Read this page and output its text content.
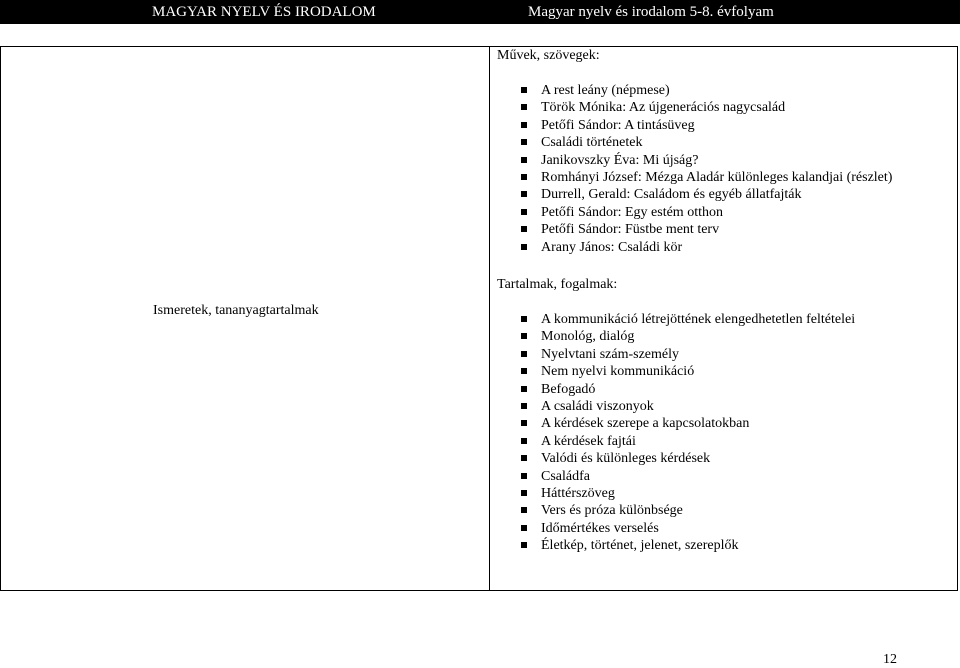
MAGYAR NYELV ÉS IRODALOM	Magyar nyelv és irodalom 5-8. évfolyam
Ismeretek, tananyagtartalmak

Művek, szövegek:

A rest leány (népmese)
Török Mónika: Az újgenerációs nagycsalád
Petőfi Sándor: A tintásüveg
Családi történetek
Janikovszky Éva: Mi újság?
Romhányi József: Mézga Aladár különleges kalandjai (részlet)
Durrell, Gerald: Családom és egyéb állatfajták
Petőfi Sándor: Egy estém otthon
Petőfi Sándor: Füstbe ment terv
Arany János: Családi kör

Tartalmak, fogalmak:

A kommunikáció létrejöttének elengedhetetlen feltételei
Monológ, dialóg
Nyelvtani szám-személy
Nem nyelvi kommunikáció
Befogadó
A családi viszonyok
A kérdések szerepe a kapcsolatokban
A kérdések fajtái
Valódi és különleges kérdések
Családfa
Háttérszöveg
Vers és próza különbsége
Időmértékes verselés
Életkép, történet, jelenet, szereplők
12
